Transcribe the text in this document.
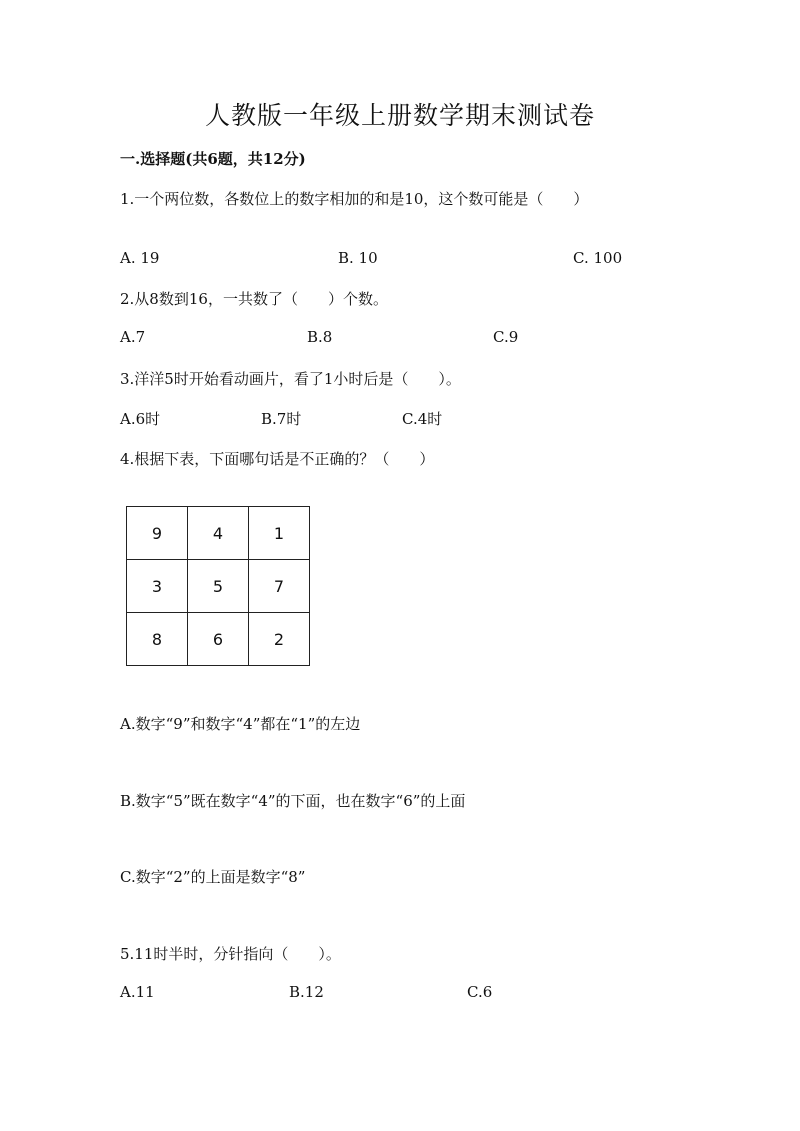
人教版一年级上册数学期末测试卷
一.选择题(共6题，共12分)
1.一个两位数，各数位上的数字相加的和是10，这个数可能是（　　）
A. 19	B. 10	C. 100
2.从8数到16，一共数了（　　）个数。
A.7	B.8	C.9
3.洋洋5时开始看动画片，看了1小时后是（　　）。
A.6时	B.7时	C.4时
4.根据下表，下面哪句话是不正确的？（　　）
9	4	1
3	5	7
8	6	2
A.数字“9”和数字“4”都在“1”的左边
B.数字“5”既在数字“4”的下面，也在数字“6”的上面
C.数字“2”的上面是数字“8”
5.11时半时，分针指向（　　）。
A.11	B.12	C.6
